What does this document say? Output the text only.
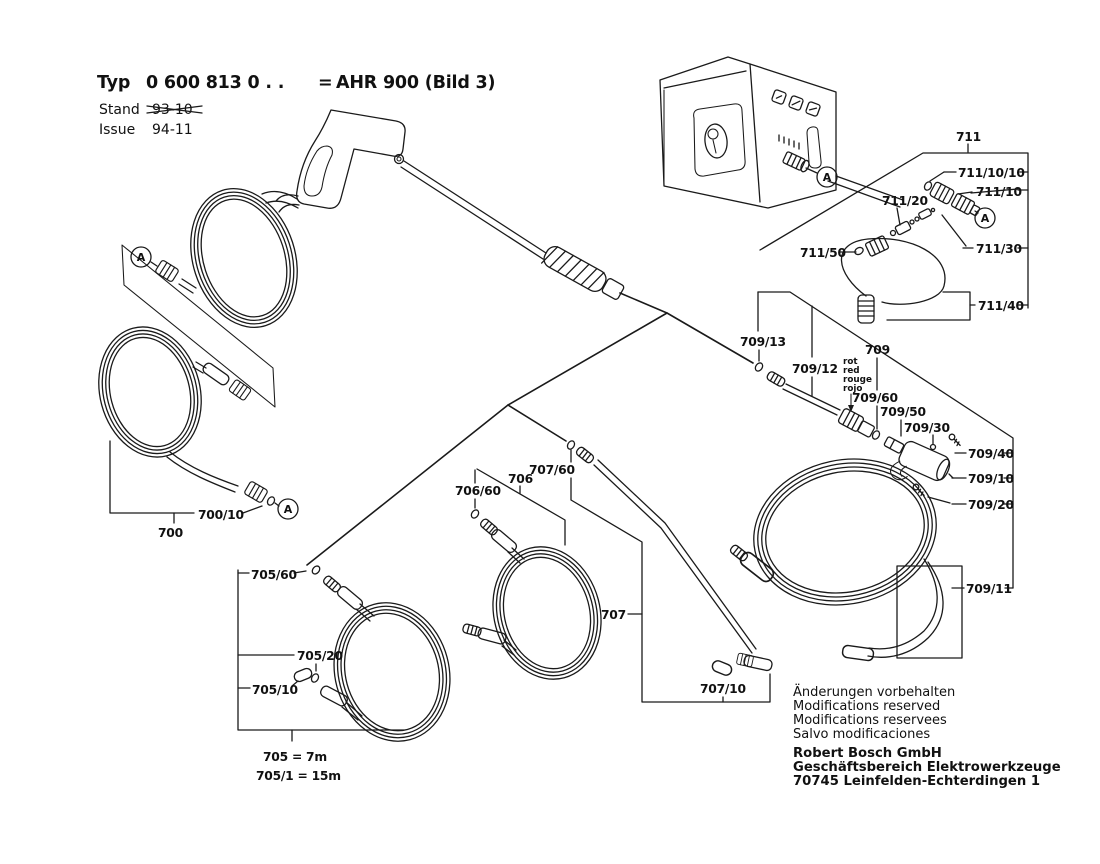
Typ 0 600 813 0 . . = AHR 900 (Bild 3)
Stand 93-10
Issue 94-11
A
A
A
A
711
711/10/10
711/10
711/20
711/50	711/30
711/40
709/13
709/12
709
709/60
709/50
709/30
709/40
709/10
709/20
709/11
707/60
707
707/10
706/60
706
705/60
705/20
705/10
705 = 7m
705/1 = 15m
700/10
700
rot
red
rouge
rojo
Änderungen vorbehalten
Modifications reserved
Modifications reservees
Salvo modificaciones
Robert Bosch GmbH
Geschäftsbereich Elektrowerkzeuge
70745 Leinfelden-Echterdingen 1
